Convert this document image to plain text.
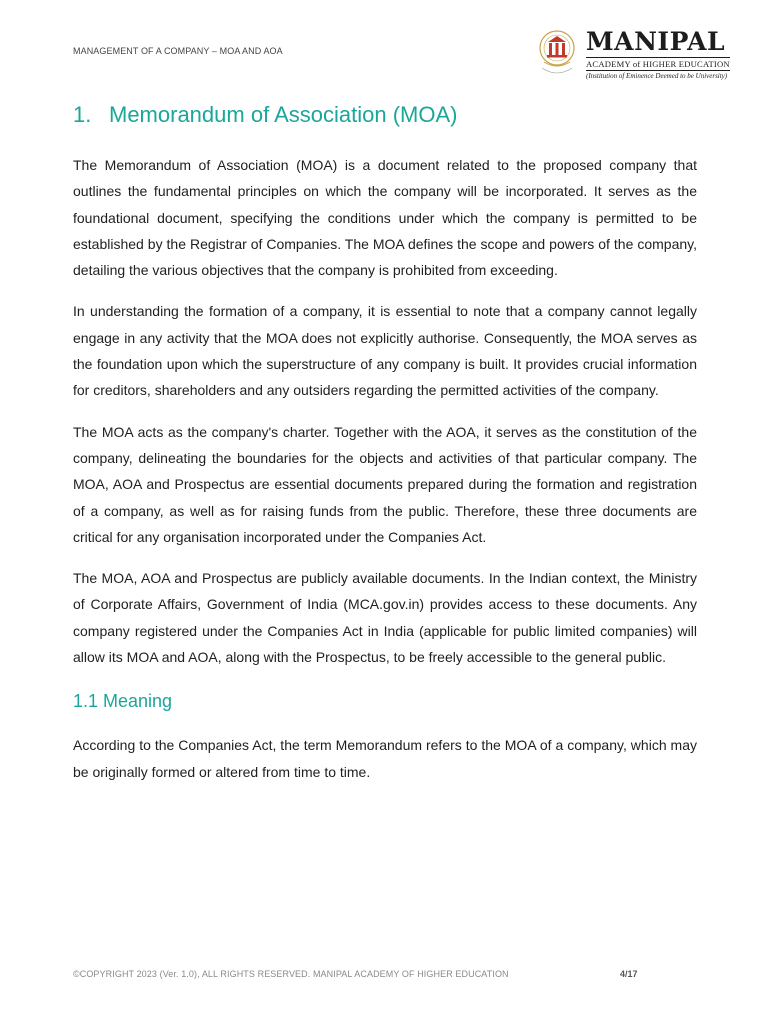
MANAGEMENT OF A COMPANY – MOA AND AOA	MANIPAL
ACADEMY of HIGHER EDUCATION
(Institution of Eminence Deemed to be University)
1. Memorandum of Association (MOA)

The Memorandum of Association (MOA) is a document related to the proposed company that outlines the fundamental principles on which the company will be incorporated. It serves as the foundational document, specifying the conditions under which the company is permitted to be established by the Registrar of Companies. The MOA defines the scope and powers of the company, detailing the various objectives that the company is prohibited from exceeding.

In understanding the formation of a company, it is essential to note that a company cannot legally engage in any activity that the MOA does not explicitly authorise. Consequently, the MOA serves as the foundation upon which the superstructure of any company is built. It provides crucial information for creditors, shareholders and any outsiders regarding the permitted activities of the company.

The MOA acts as the company's charter. Together with the AOA, it serves as the constitution of the company, delineating the boundaries for the objects and activities of that particular company. The MOA, AOA and Prospectus are essential documents prepared during the formation and registration of a company, as well as for raising funds from the public. Therefore, these three documents are critical for any organisation incorporated under the Companies Act.

The MOA, AOA and Prospectus are publicly available documents. In the Indian context, the Ministry of Corporate Affairs, Government of India (MCA.gov.in) provides access to these documents. Any company registered under the Companies Act in India (applicable for public limited companies) will allow its MOA and AOA, along with the Prospectus, to be freely accessible to the general public.

1.1 Meaning

According to the Companies Act, the term Memorandum refers to the MOA of a company, which may be originally formed or altered from time to time.

©COPYRIGHT 2023 (Ver. 1.0), ALL RIGHTS RESERVED. MANIPAL ACADEMY OF HIGHER EDUCATION	4/17
